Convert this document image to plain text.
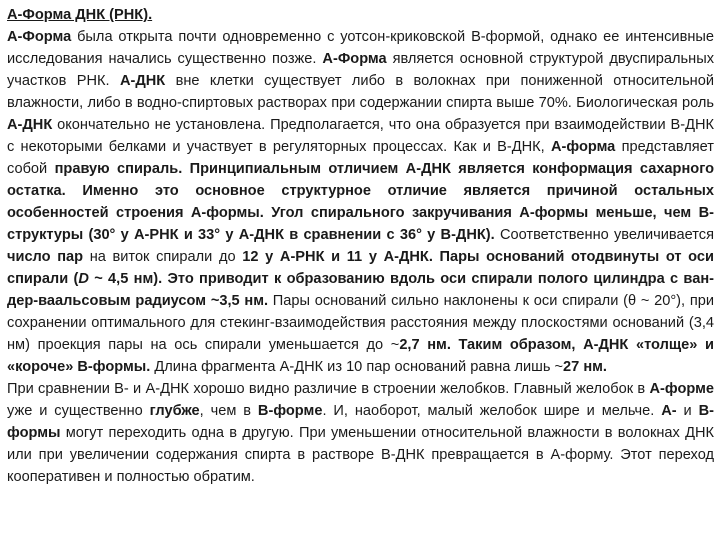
А-Форма ДНК (РНК).

А-Форма была открыта почти одновременно с уотсон-криковской В-формой, однако ее интенсивные исследования начались существенно позже. А-Форма является основной структурой двуспиральных участков РНК. А-ДНК вне клетки существует либо в волокнах при пониженной относительной влажности, либо в водно-спиртовых растворах при содержании спирта выше 70%. Биологическая роль А-ДНК окончательно не установлена. Предполагается, что она образуется при взаимодействии В-ДНК с некоторыми белками и участвует в регуляторных процессах. Как и В-ДНК, А-форма представляет собой правую спираль. Принципиальным отличием А-ДНК является конформация сахарного остатка. Именно это основное структурное отличие является причиной остальных особенностей строения А-формы. Угол спирального закручивания А-формы меньше, чем В-структуры (30° у А-РНК и 33° у А-ДНК в сравнении с 36° у В-ДНК). Соответственно увеличивается число пар на виток спирали до 12 у А-РНК и 11 у А-ДНК. Пары оснований отодвинуты от оси спирали (D ~ 4,5 нм). Это приводит к образованию вдоль оси спирали полого цилиндра с ван-дер-ваальсовым радиусом ~3,5 нм. Пары оснований сильно наклонены к оси спирали (θ ~ 20°), при сохранении оптимального для стекинг-взаимодействия расстояния между плоскостями оснований (3,4 нм) проекция пары на ось спирали уменьшается до ~2,7 нм. Таким образом, А-ДНК «толще» и «короче» В-формы. Длина фрагмента А-ДНК из 10 пар оснований равна лишь ~27 нм.

При сравнении В- и А-ДНК хорошо видно различие в строении желобков. Главный желобок в А-форме уже и существенно глубже, чем в В-форме. И, наоборот, малый желобок шире и мельче. А- и В-формы могут переходить одна в другую. При уменьшении относительной влажности в волокнах ДНК или при увеличении содержания спирта в растворе В-ДНК превращается в А-форму. Этот переход кооперативен и полностью обратим.
